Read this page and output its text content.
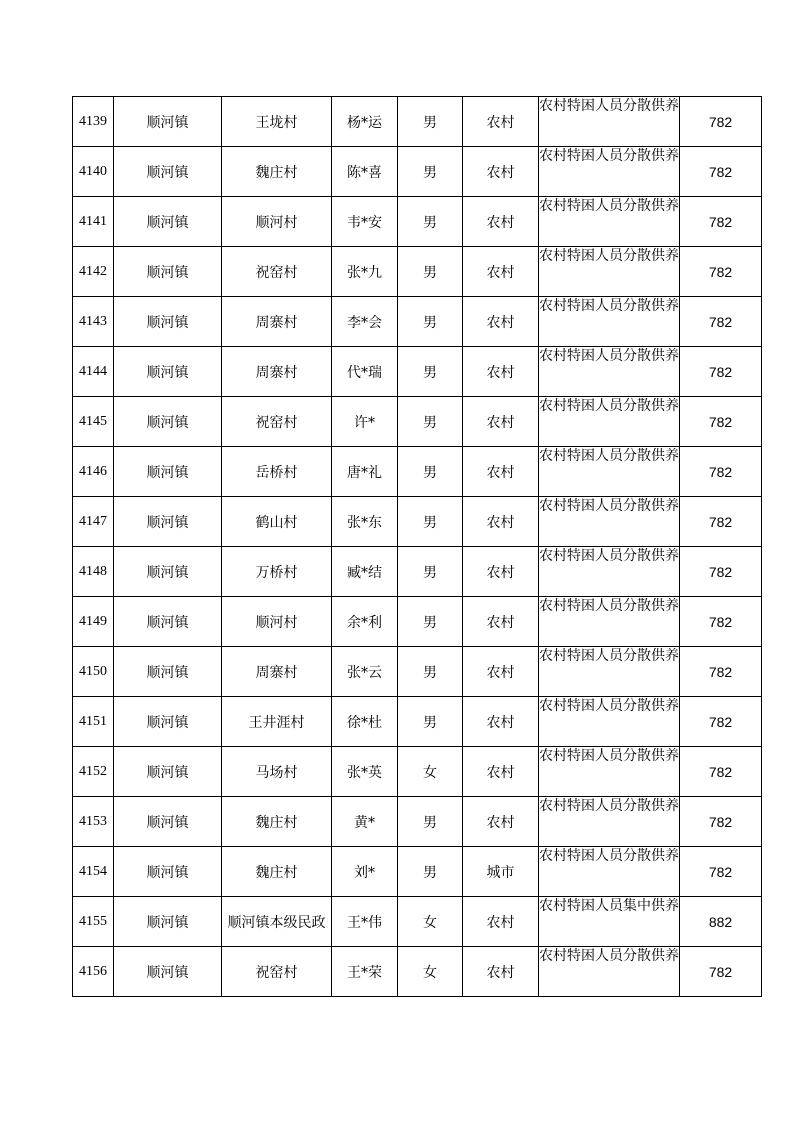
4139	顺河镇	王垅村	杨*运	男	农村	农村特困人员分散供养	782
4140	顺河镇	魏庄村	陈*喜	男	农村	农村特困人员分散供养	782
4141	顺河镇	顺河村	韦*安	男	农村	农村特困人员分散供养	782
4142	顺河镇	祝窑村	张*九	男	农村	农村特困人员分散供养	782
4143	顺河镇	周寨村	李*会	男	农村	农村特困人员分散供养	782
4144	顺河镇	周寨村	代*瑞	男	农村	农村特困人员分散供养	782
4145	顺河镇	祝窑村	许*	男	农村	农村特困人员分散供养	782
4146	顺河镇	岳桥村	唐*礼	男	农村	农村特困人员分散供养	782
4147	顺河镇	鹤山村	张*东	男	农村	农村特困人员分散供养	782
4148	顺河镇	万桥村	臧*结	男	农村	农村特困人员分散供养	782
4149	顺河镇	顺河村	余*利	男	农村	农村特困人员分散供养	782
4150	顺河镇	周寨村	张*云	男	农村	农村特困人员分散供养	782
4151	顺河镇	王井涯村	徐*杜	男	农村	农村特困人员分散供养	782
4152	顺河镇	马场村	张*英	女	农村	农村特困人员分散供养	782
4153	顺河镇	魏庄村	黄*	男	农村	农村特困人员分散供养	782
4154	顺河镇	魏庄村	刘*	男	城市	农村特困人员分散供养	782
4155	顺河镇	顺河镇本级民政	王*伟	女	农村	农村特困人员集中供养	882
4156	顺河镇	祝窑村	王*荣	女	农村	农村特困人员分散供养	782
